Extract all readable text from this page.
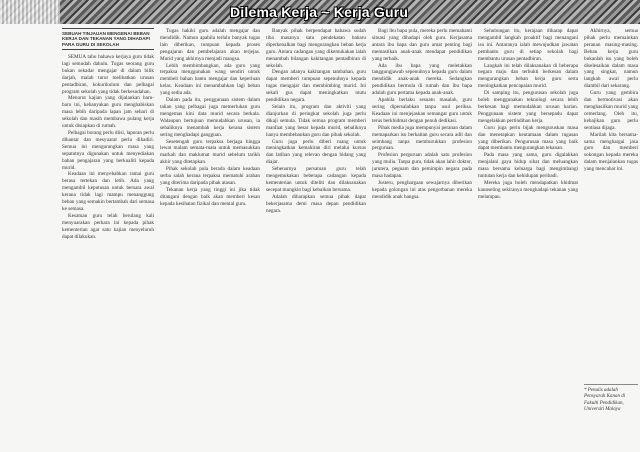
Dilema Kerja ~ Kerja Guru
SEBUAH TINJAUAN MENGENAI BEBAN KERJA DAN TEKANAN YANG DIHADAPI PARA GURU DI SEKOLAH

SEMUA tahu bahawa kerjaya guru tidak lagi semudah dahulu. Tugas seorang guru bukan sekadar mengajar di dalam bilik darjah, malah turut melibatkan urusan pentadbiran, kokurikulum dan pelbagai program sekolah yang tidak berkesudahan.

Menurut kajian yang dijalankan baru-baru ini, kebanyakan guru menghabiskan masa lebih daripada lapan jam sehari di sekolah dan masih membawa pulang kerja untuk disiapkan di rumah.

Pelbagai borang perlu diisi, laporan perlu dihantar dan mesyuarat perlu dihadiri. Semua ini mengurangkan masa yang sepatutnya digunakan untuk menyediakan bahan pengajaran yang berkualiti kepada murid.

Keadaan ini menyebabkan ramai guru berasa tertekan dan letih. Ada yang mengambil keputusan untuk bersara awal kerana tidak lagi mampu menanggung beban yang semakin bertambah dari semasa ke semasa.

Kesatuan guru telah berulang kali menyuarakan perkara ini kepada pihak kementerian agar satu kajian menyeluruh dapat dilakukan.

Tugas hakiki guru adalah mengajar dan mendidik. Namun apabila terlalu banyak tugas lain diberikan, tumpuan kepada proses pengajaran dan pembelajaran akan terjejas. Murid yang akhirnya menjadi mangsa.

Lebih membimbangkan, ada guru yang terpaksa menggunakan wang sendiri untuk membeli bahan bantu mengajar dan keperluan kelas. Keadaan ini menambahkan lagi beban yang sedia ada.

Dalam pada itu, penggunaan sistem dalam talian yang pelbagai juga memerlukan guru mengemas kini data murid secara berkala. Walaupun bertujuan memudahkan urusan, ia sebaliknya menambah kerja kerana sistem sering menghadapi gangguan.

Sesetengah guru terpaksa berjaga hingga lewat malam semata-mata untuk memasukkan markah dan maklumat murid sebelum tarikh akhir yang ditetapkan.

Pihak sekolah pula berada dalam keadaan serba salah kerana terpaksa mematuhi arahan yang diterima daripada pihak atasan.

Tekanan kerja yang tinggi ini jika tidak ditangani dengan baik akan memberi kesan kepada kesihatan fizikal dan mental guru.

Banyak pihak berpendapat bahawa sudah tiba masanya satu pendekatan baharu diperkenalkan bagi mengurangkan beban kerja guru. Antara cadangan yang dikemukakan ialah menambah bilangan kakitangan pentadbiran di sekolah.

Dengan adanya kakitangan tambahan, guru dapat memberi tumpuan sepenuhnya kepada tugas mengajar dan membimbing murid. Ini sekali gus dapat meningkatkan mutu pendidikan negara.

Selain itu, program dan aktiviti yang dianjurkan di peringkat sekolah juga perlu dikaji semula. Tidak semua program memberi manfaat yang besar kepada murid, sebaliknya hanya membebankan guru dan pihak sekolah.

Guru juga perlu diberi ruang untuk meningkatkan kemahiran diri melalui kursus dan latihan yang relevan dengan bidang yang diajar.

Sebenarnya persatuan guru telah mengemukakan beberapa cadangan kepada kementerian untuk diteliti dan dilaksanakan secepat mungkin bagi kebaikan bersama.

Adalah diharapkan semua pihak dapat bekerjasama demi masa depan pendidikan negara.

Bagi ibu bapa pula, mereka perlu memahami situasi yang dihadapi oleh guru. Kerjasama antara ibu bapa dan guru amat penting bagi memastikan anak-anak mendapat pendidikan yang terbaik.

Ada ibu bapa yang meletakkan tanggungjawab sepenuhnya kepada guru dalam mendidik anak-anak mereka. Sedangkan pendidikan bermula di rumah dan ibu bapa adalah guru pertama kepada anak-anak.

Apabila berlaku sesuatu masalah, guru sering dipersalahkan tanpa usul periksa. Keadaan ini menjejaskan semangat guru untuk terus berkhidmat dengan penuh dedikasi.

Pihak media juga mempunyai peranan dalam memaparkan isu berkaitan guru secara adil dan seimbang tanpa memburukkan profesion perguruan.

Profesion perguruan adalah satu profesion yang mulia. Tanpa guru, tidak akan lahir doktor, jurutera, peguam dan pemimpin negara pada masa hadapan.

Justeru, penghargaan sewajarnya diberikan kepada golongan ini atas pengorbanan mereka mendidik anak bangsa.

Sehubungan itu, kerajaan diharap dapat mengambil langkah proaktif bagi menangani isu ini. Antaranya ialah mewujudkan jawatan pembantu guru di setiap sekolah bagi membantu urusan pentadbiran.

Langkah ini telah dilaksanakan di beberapa negara maju dan terbukti berkesan dalam mengurangkan beban kerja guru serta meningkatkan pencapaian murid.

Di samping itu, pengurusan sekolah juga boleh menggunakan teknologi secara lebih berkesan bagi memudahkan urusan harian. Penggunaan sistem yang bersepadu dapat mengelakkan pertindihan kerja.

Guru juga perlu bijak menguruskan masa dan menetapkan keutamaan dalam tugasan yang diberikan. Pengurusan masa yang baik dapat membantu mengurangkan tekanan.

Pada masa yang sama, guru digalakkan menjalani gaya hidup sihat dan meluangkan masa bersama keluarga bagi mengimbangi tuntutan kerja dan kehidupan peribadi.

Mereka juga boleh mendapatkan khidmat kaunseling sekiranya menghadapi tekanan yang melampau.

Akhirnya, semua pihak perlu memainkan peranan masing-masing. Beban kerja guru bukanlah isu yang boleh diselesaikan dalam masa yang singkat, namun langkah awal perlu diambil dari sekarang.

Guru yang gembira dan bermotivasi akan menghasilkan murid yang cemerlang. Oleh itu, kebajikan guru perlu sentiasa dijaga.

Marilah kita bersama-sama menghargai jasa guru dan memberi sokongan kepada mereka dalam menjalankan tugas yang mencabar ini.

* Penulis adalah Pensyarah Kanan di Fakulti Pendidikan, Universiti Malaya
